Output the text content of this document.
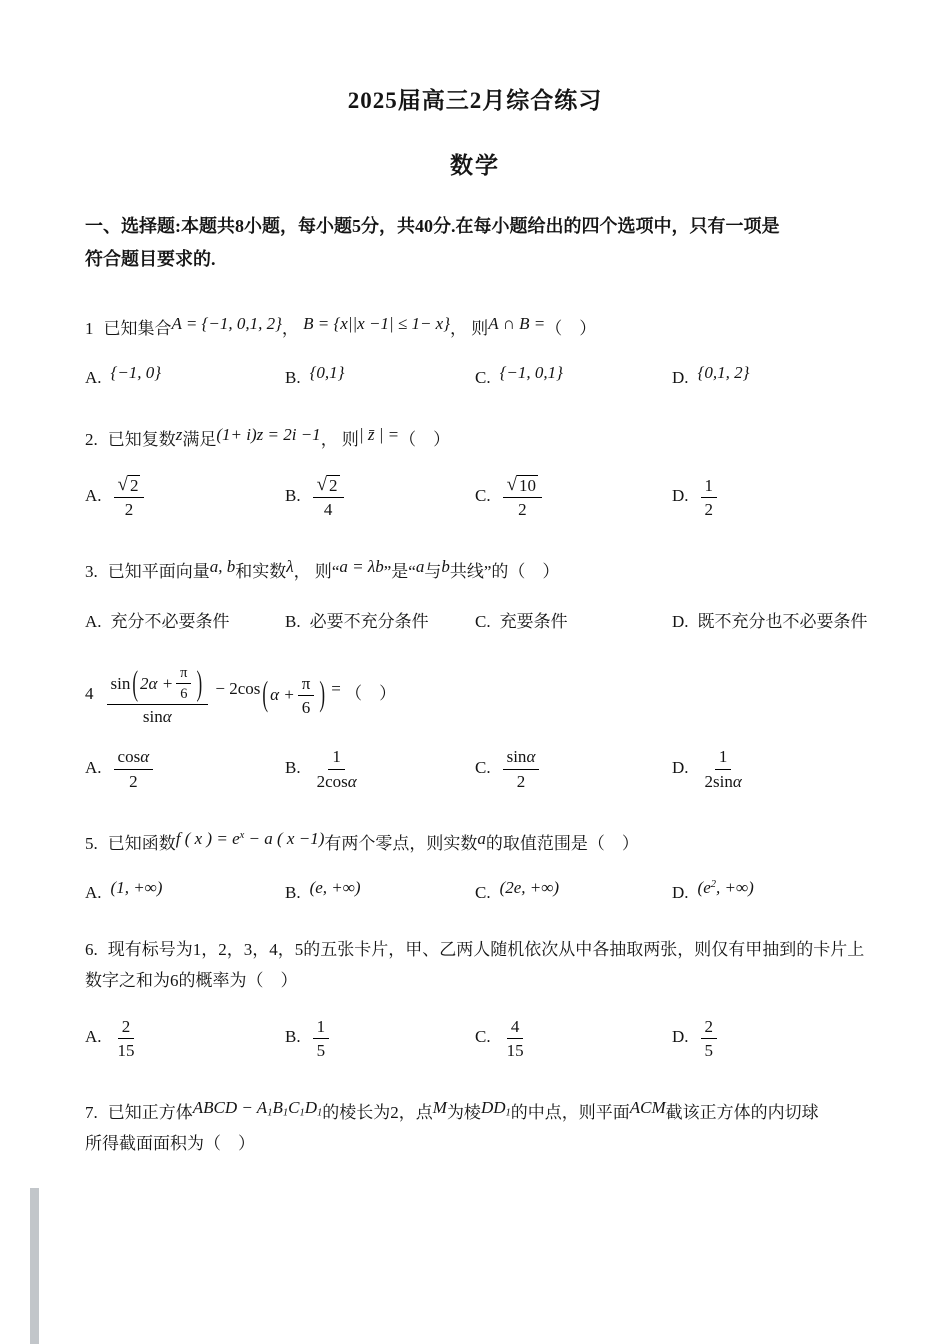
2025届高三2月综合练习
数学
一、选择题:本题共8小题，每小题5分，共40分.在每小题给出的四个选项中，只有一项是
符合题目要求的.
1 已知集合A = {−1, 0,1, 2}， B = {x||x −1| ≤ 1− x}， 则A ∩ B =（　）
A. {−1, 0}	B. {0,1}	C. {−1, 0,1}	D. {0,1, 2}
2. 已知复数z满足(1+ i)z = 2i −1， 则| z̄ | =（　）
A. $\frac{√ 2}{2}$	B. $\frac{√ 2}{4}$	C. $\frac{√ 10}{2}$	D. $\frac{1}{2}$
3. 已知平面向量a, b和实数λ， 则“a = λb”是“a与b共线”的（　）
A. 充分不必要条件	B. 必要不充分条件	C. 充要条件	D. 既不充分也不必要条件
$4 \frac{\sin ( 2\alpha + \frac{\pi}{6} )}{\text{sin α}} - 2\cos$ ( $\alpha + \frac{\pi}{6}$ ) = （　）
A. $\frac{\text{cos α}}{2}$	B. $\frac{1}{\text{2cos α}}$	C. $\frac{\text{sin α}}{2}$	D. $\frac{1}{\text{2sin α}}$
5. 已知函数f ( x ) = $e^x - a$ ( x −1)有两个零点，则实数a的取值范围是（　）
A. (1, +∞)	B. (e, +∞)	C. (2e, +∞)	D. ($e^2$, +∞)
6. 现有标号为1，2，3，4，5的五张卡片，甲、乙两人随机依次从中各抽取两张，则仅有甲抽到的卡片上
数字之和为6的概率为（　）
A. $\frac{2}{15}$	B. $\frac{1}{5}$	C. $\frac{4}{15}$	D. $\frac{2}{5}$
7. 已知正方体ABCD − $A_1B_1C_1D_1$的棱长为2，点M为棱$DD_1$的中点，则平面ACM截该正方体的内切球
所得截面面积为（　）
